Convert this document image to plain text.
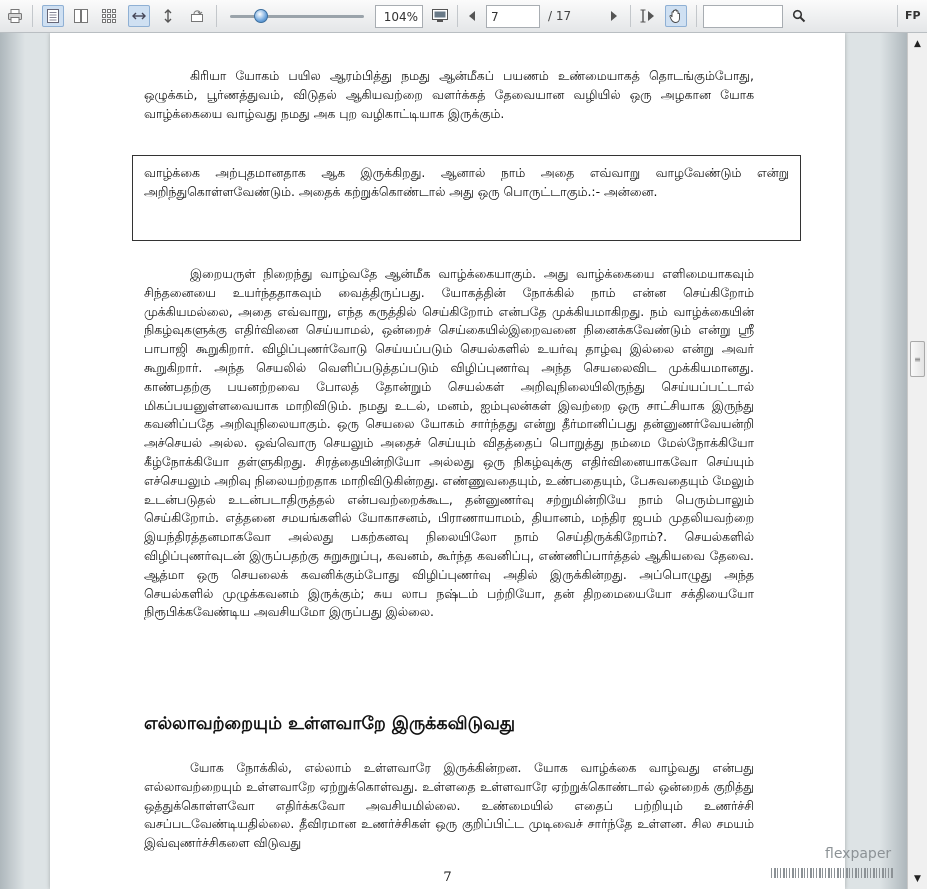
104%	7	/ 17	FP

கிரியா யோகம் பயில ஆரம்பித்து நமது ஆன்மீகப் பயணம் உண்மையாகத் தொடங்கும்போது, ஒழுக்கம், பூர்ணத்துவம், விடுதல் ஆகியவற்றை வளர்க்கத் தேவையான வழியில் ஒரு அழகான யோக வாழ்க்கையை வாழ்வது நமது அக புற வழிகாட்டியாக இருக்கும்.

வாழ்க்கை அற்புதமானதாக ஆக இருக்கிறது. ஆனால் நாம் அதை எவ்வாறு வாழவேண்டும் என்று அறிந்துகொள்ளவேண்டும். அதைக் கற்றுக்கொண்டால் அது ஒரு பொருட்டாகும்.:- அன்னை.

இறையருள் நிறைந்து வாழ்வதே ஆன்மீக வாழ்க்கையாகும். அது வாழ்க்கையை எளிமையாகவும் சிந்தனையை உயர்ந்ததாகவும் வைத்திருப்பது. யோகத்தின் நோக்கில் நாம் என்ன செய்கிறோம் முக்கியமல்லை, அதை எவ்வாறு, எந்த கருத்தில் செய்கிறோம் என்பதே முக்கியமாகிறது. நம் வாழ்க்கையின் நிகழ்வுகளுக்கு எதிர்வினை செய்யாமல், ஒன்றைச் செய்கையில்இறைவனை நினைக்கவேண்டும் என்று ஸ்ரீ பாபாஜி கூறுகிறார். விழிப்புணர்வோடு செய்யப்படும் செயல்களில் உயர்வு தாழ்வு இல்லை என்று அவர் கூறுகிறார். அந்த செயலில் வெளிப்படுத்தப்படும் விழிப்புணர்வு அந்த செயலைவிட முக்கியமானது. காண்பதற்கு பயனற்றவை போலத் தோன்றும் செயல்கள் அறிவுநிலையிலிருந்து செய்யப்பட்டால் மிகப்பயனுள்ளவையாக மாறிவிடும். நமது உடல், மனம், ஐம்புலன்கள் இவற்றை ஒரு சாட்சியாக இருந்து கவனிப்பதே அறிவுநிலையாகும். ஒரு செயலை யோகம் சார்ந்தது என்று தீர்மானிப்பது தன்னுணர்வேயன்றி அச்செயல் அல்ல. ஒவ்வொரு செயலும் அதைச் செய்யும் விதத்தைப் பொறுத்து நம்மை மேல்நோக்கியோ கீழ்நோக்கியோ தள்ளுகிறது. சிரத்தையின்றியோ அல்லது ஒரு நிகழ்வுக்கு எதிர்வினையாகவோ செய்யும் எச்செயலும் அறிவு நிலையற்றதாக மாறிவிடுகின்றது. எண்ணுவதையும், உண்பதையும், பேசுவதையும் மேலும் உடன்படுதல் உடன்படாதிருத்தல் என்பவற்றைக்கூட, தன்னுணர்வு சற்றுமின்றியே நாம் பெரும்பாலும் செய்கிறோம். எத்தனை சமயங்களில் யோகாசனம், பிராணாயாமம், தியானம், மந்திர ஜபம் முதலியவற்றை இயந்திரத்தனமாகவோ அல்லது பகற்கனவு நிலையிலோ நாம் செய்திருக்கிறோம்?. செயல்களில் விழிப்புணர்வுடன் இருப்பதற்கு சுறுசுறுப்பு, கவனம், கூர்ந்த கவனிப்பு, எண்ணிப்பார்த்தல் ஆகியவை தேவை. ஆத்மா ஒரு செயலைக் கவனிக்கும்போது விழிப்புணர்வு அதில் இருக்கின்றது. அப்பொழுது அந்த செயல்களில் முழுக்கவனம் இருக்கும்; சுய லாப நஷ்டம் பற்றியோ, தன் திறமையையோ சக்தியையோ நிரூபிக்கவேண்டிய அவசியமோ இருப்பது இல்லை.

எல்லாவற்றையும் உள்ளவாறே இருக்கவிடுவது

யோக நோக்கில், எல்லாம் உள்ளவாரே இருக்கின்றன. யோக வாழ்க்கை வாழ்வது என்பது எல்லாவற்றையும் உள்ளவாறே ஏற்றுக்கொள்வது. உள்ளதை உள்ளவாரே ஏற்றுக்கொண்டால் ஒன்றைக் குறித்து ஒத்துக்கொள்ளவோ எதிர்க்கவோ அவசியமில்லை. உண்மையில் எதைப் பற்றியும் உணர்ச்சி வசப்படவேண்டியதில்லை. தீவிரமான உணர்ச்சிகள் ஒரு குறிப்பிட்ட முடிவைச் சார்ந்தே உள்ளன. சில சமயம் இவ்வுணர்ச்சிகளை விடுவது

7
flexpaper
▲
≡
▼
